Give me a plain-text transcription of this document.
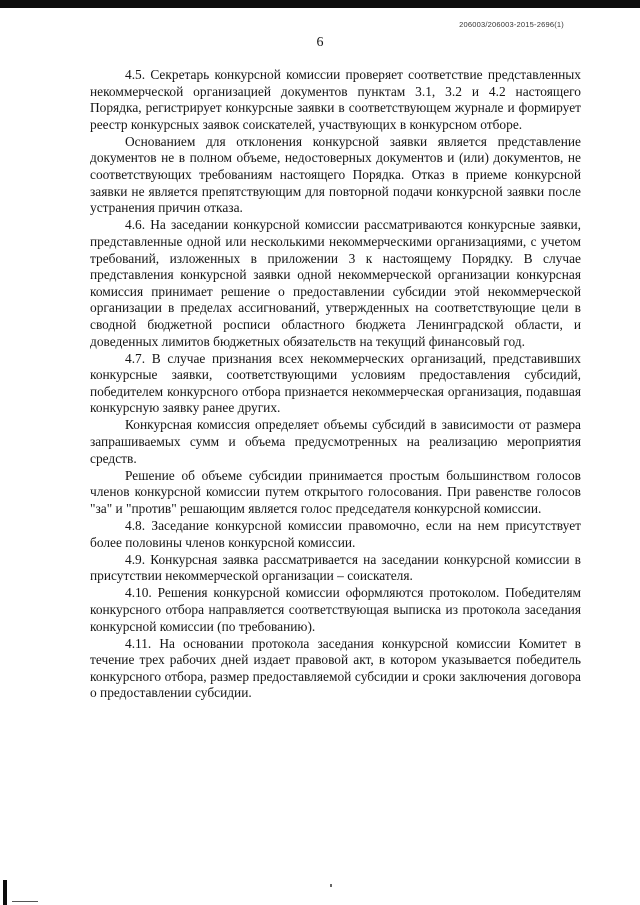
206003/206003-2015-2696(1)
6

4.5. Секретарь конкурсной комиссии проверяет соответствие представленных некоммерческой организацией документов пунктам 3.1, 3.2 и 4.2 настоящего Порядка, регистрирует конкурсные заявки в соответствующем журнале и формирует реестр конкурсных заявок соискателей, участвующих в конкурсном отборе.

Основанием для отклонения конкурсной заявки является представление документов не в полном объеме, недостоверных документов и (или) документов, не соответствующих требованиям настоящего Порядка. Отказ в приеме конкурсной заявки не является препятствующим для повторной подачи конкурсной заявки после устранения причин отказа.

4.6. На заседании конкурсной комиссии рассматриваются конкурсные заявки, представленные одной или несколькими некоммерческими организациями, с учетом требований, изложенных в приложении 3 к настоящему Порядку. В случае представления конкурсной заявки одной некоммерческой организации конкурсная комиссия принимает решение о предоставлении субсидии этой некоммерческой организации в пределах ассигнований, утвержденных на соответствующие цели в сводной бюджетной росписи областного бюджета Ленинградской области, и доведенных лимитов бюджетных обязательств на текущий финансовый год.

4.7. В случае признания всех некоммерческих организаций, представивших конкурсные заявки, соответствующими условиям предоставления субсидий, победителем конкурсного отбора признается некоммерческая организация, подавшая конкурсную заявку ранее других.

Конкурсная комиссия определяет объемы субсидий в зависимости от размера запрашиваемых сумм и объема предусмотренных на реализацию мероприятия средств.

Решение об объеме субсидии принимается простым большинством голосов членов конкурсной комиссии путем открытого голосования. При равенстве голосов "за" и "против" решающим является голос председателя конкурсной комиссии.

4.8. Заседание конкурсной комиссии правомочно, если на нем присутствует более половины членов конкурсной комиссии.

4.9. Конкурсная заявка рассматривается на заседании конкурсной комиссии в присутствии некоммерческой организации – соискателя.

4.10. Решения конкурсной комиссии оформляются протоколом. Победителям конкурсного отбора направляется соответствующая выписка из протокола заседания конкурсной комиссии (по требованию).

4.11. На основании протокола заседания конкурсной комиссии Комитет в течение трех рабочих дней издает правовой акт, в котором указывается победитель конкурсного отбора, размер предоставляемой субсидии и сроки заключения договора о предоставлении субсидии.
